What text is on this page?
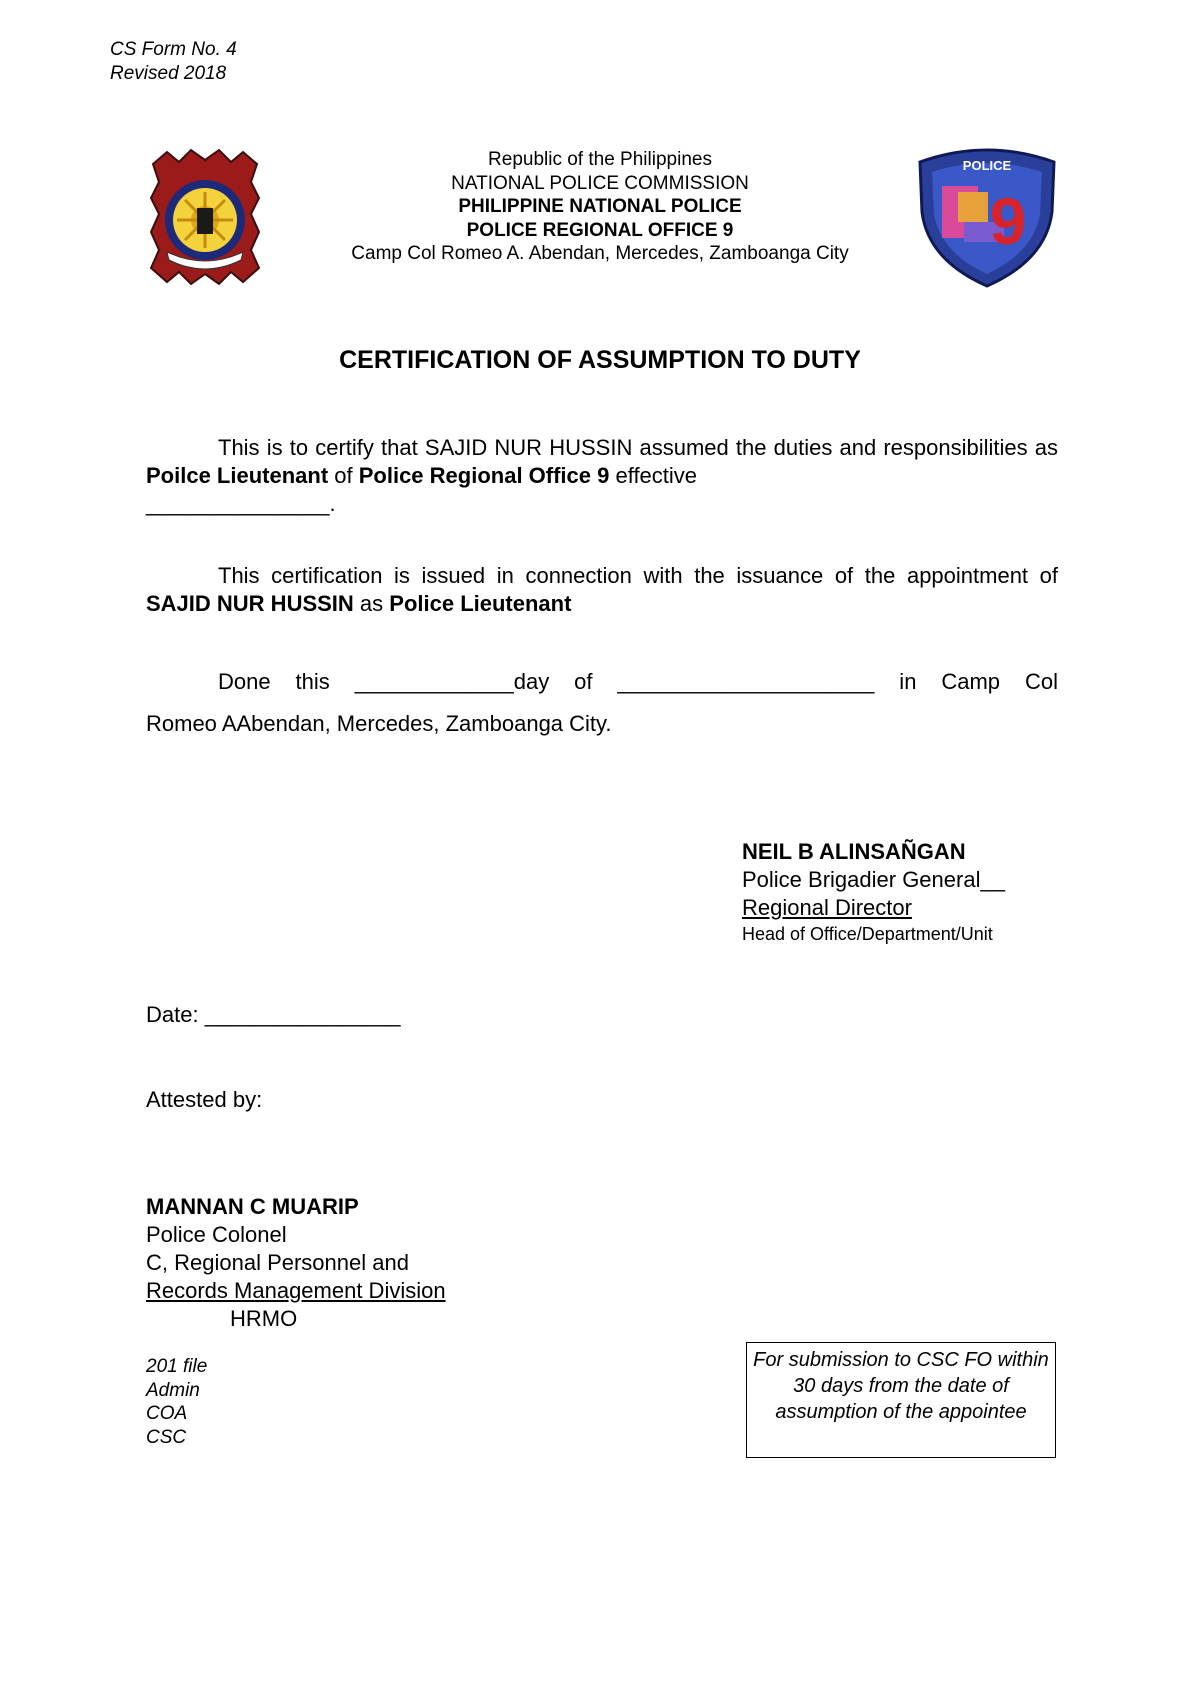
CS Form No. 4
Revised 2018
Republic of the Philippines
NATIONAL POLICE COMMISSION
PHILIPPINE NATIONAL POLICE
POLICE REGIONAL OFFICE 9
Camp Col Romeo A. Abendan, Mercedes, Zamboanga City	9
POLICE
CERTIFICATION OF ASSUMPTION TO DUTY
This is to certify that SAJID NUR HUSSIN assumed the duties and responsibilities as Poilce Lieutenant of Police Regional Office 9 effective
_______________.
This certification is issued in connection with the issuance of the appointment of SAJID NUR HUSSIN as Police Lieutenant
Done this _____________day of _____________________ in Camp Col
Romeo AAbendan, Mercedes, Zamboanga City.
NEIL B ALINSAÑGAN
Police Brigadier General__
Regional Director
Head of Office/Department/Unit
Date: ________________
Attested by:
MANNAN C MUARIP
Police Colonel
C, Regional Personnel and
Records Management Division
HRMO
201 file
Admin
COA
CSC
For submission to CSC FO within 30 days from the date of assumption of the appointee
